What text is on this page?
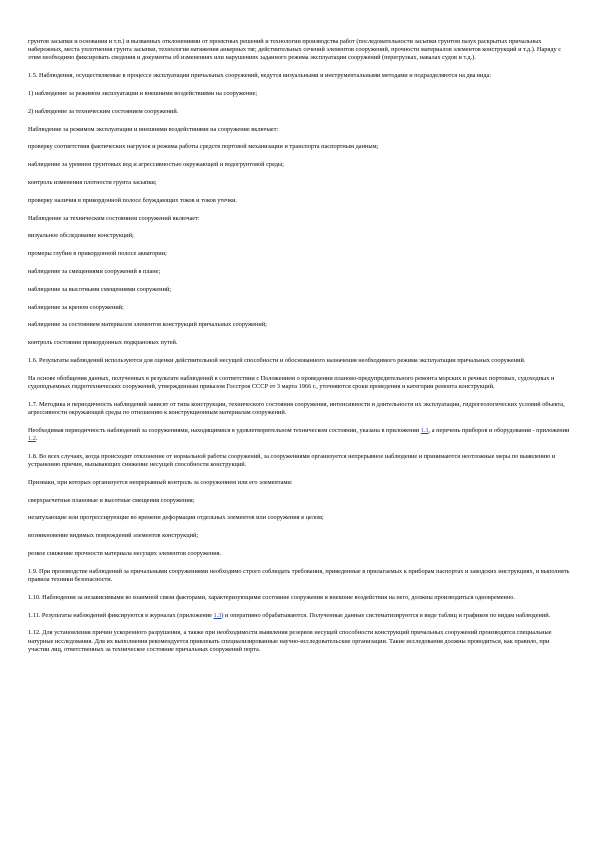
грунтов засыпки и основания и т.п.) и вызванных отклонениями от проектных решений и технологии производства работ (последовательности засыпки грунтом пазух раскрытых причальных набережных, места уплотнения грунта засыпки, технология натяжения анкерных тяг, действительных сечений элементов сооружений, прочности материалов элементов конструкций и т.д.). Наряду с этим необходимо фиксировать сведения и документы об изменениях или нарушениях заданного режима эксплуатации сооружений (перегрузках, навалах судов и т.д.).

1.5. Наблюдения, осуществляемые в процессе эксплуатации причальных сооружений, ведутся визуальными и инструментальными методами и подразделяются на два вида:

1) наблюдение за режимом эксплуатации и внешними воздействиями на сооружение;

2) наблюдение за техническим состоянием сооружений.

Наблюдение за режимом эксплуатации и внешними воздействиями на сооружение включает:

проверку соответствия фактических нагрузок и режима работы средств портовой механизации и транспорта паспортным данным;

наблюдение за уровнем грунтовых вод и агрессивностью окружающей и водогрунтовой среды;

контроль изменения плотности грунта засыпки;

проверку наличия в прикордонной полосе блуждающих токов и токов утечки.

Наблюдение за техническим состоянием сооружений включает:

визуальное обследование конструкций;

промеры глубин в прикордонной полосе акватории;

наблюдение за смещениями сооружений в плане;

наблюдение за высотными смещениями сооружений;

наблюдение за креном сооружений;

наблюдение за состоянием материалов элементов конструкций причальных сооружений;

контроль состояния прикордонных подкрановых путей.

1.6. Результаты наблюдений используются для оценки действительной несущей способности и обоснованного назначения необходимого режима эксплуатации причальных сооружений.

На основе обобщения данных, полученных в результате наблюдений в соответствии с Положением о проведении планово-предупредительного ремонта морских и речных портовых, судоходных и судоподъемных гидротехнических сооружений, утвержденным приказом Госстроя СССР от 3 марта 1966 г., уточняются сроки проведения и категории ремонта конструкций.

1.7. Методика и периодичность наблюдений зависят от типа конструкции, технического состояния сооружения, интенсивности и длительности их эксплуатации, гидрогеологических условий объекта, агрессивности окружающей среды по отношению к конструкционным материалам сооружений.

Необходимая периодичность наблюдений за сооружениями, находящимися в удовлетворительном техническом состоянии, указана в приложении 1.1, а перечень приборов и оборудования - приложении 1.2.

1.8. Во всех случаях, когда происходит отклонение от нормальной работы сооружений, за сооружениями организуется непрерывное наблюдение и принимаются неотложные меры по выявлению и устранению причин, вызывающих снижение несущей способности конструкций.

Признаки, при которых организуется непрерывный контроль за сооружением или его элементами:

сверхрасчетные плановые и высотные смещения сооружения;

незатухающие или прогрессирующие во времени деформации отдельных элементов или сооружения в целом;

возникновение видимых повреждений элементов конструкций;

резкое снижение прочности материала несущих элементов сооружения.

1.9. При производстве наблюдений за причальными сооружениями необходимо строго соблюдать требования, приведенные в прилагаемых к приборам паспортах и заводских инструкциях, и выполнять правила техники безопасности.

1.10. Наблюдения за независимыми во взаимной связи факторами, характеризующими состояние сооружения и внешние воздействия на него, должны производиться одновременно.

1.11. Результаты наблюдений фиксируются в журналах (приложение 1.3) и оперативно обрабатываются. Полученные данные систематизируются в виде таблиц и графиков по видам наблюдений.

1.12. Для установления причин ускоренного разрушения, а также при необходимости выявления резервов несущей способности конструкций причальных сооружений производятся специальные натурные исследования. Для их выполнения рекомендуется привлекать специализированные научно-исследовательские организации. Такие исследования должны проводиться, как правило, при участии лиц, ответственных за техническое состояние причальных сооружений порта.
